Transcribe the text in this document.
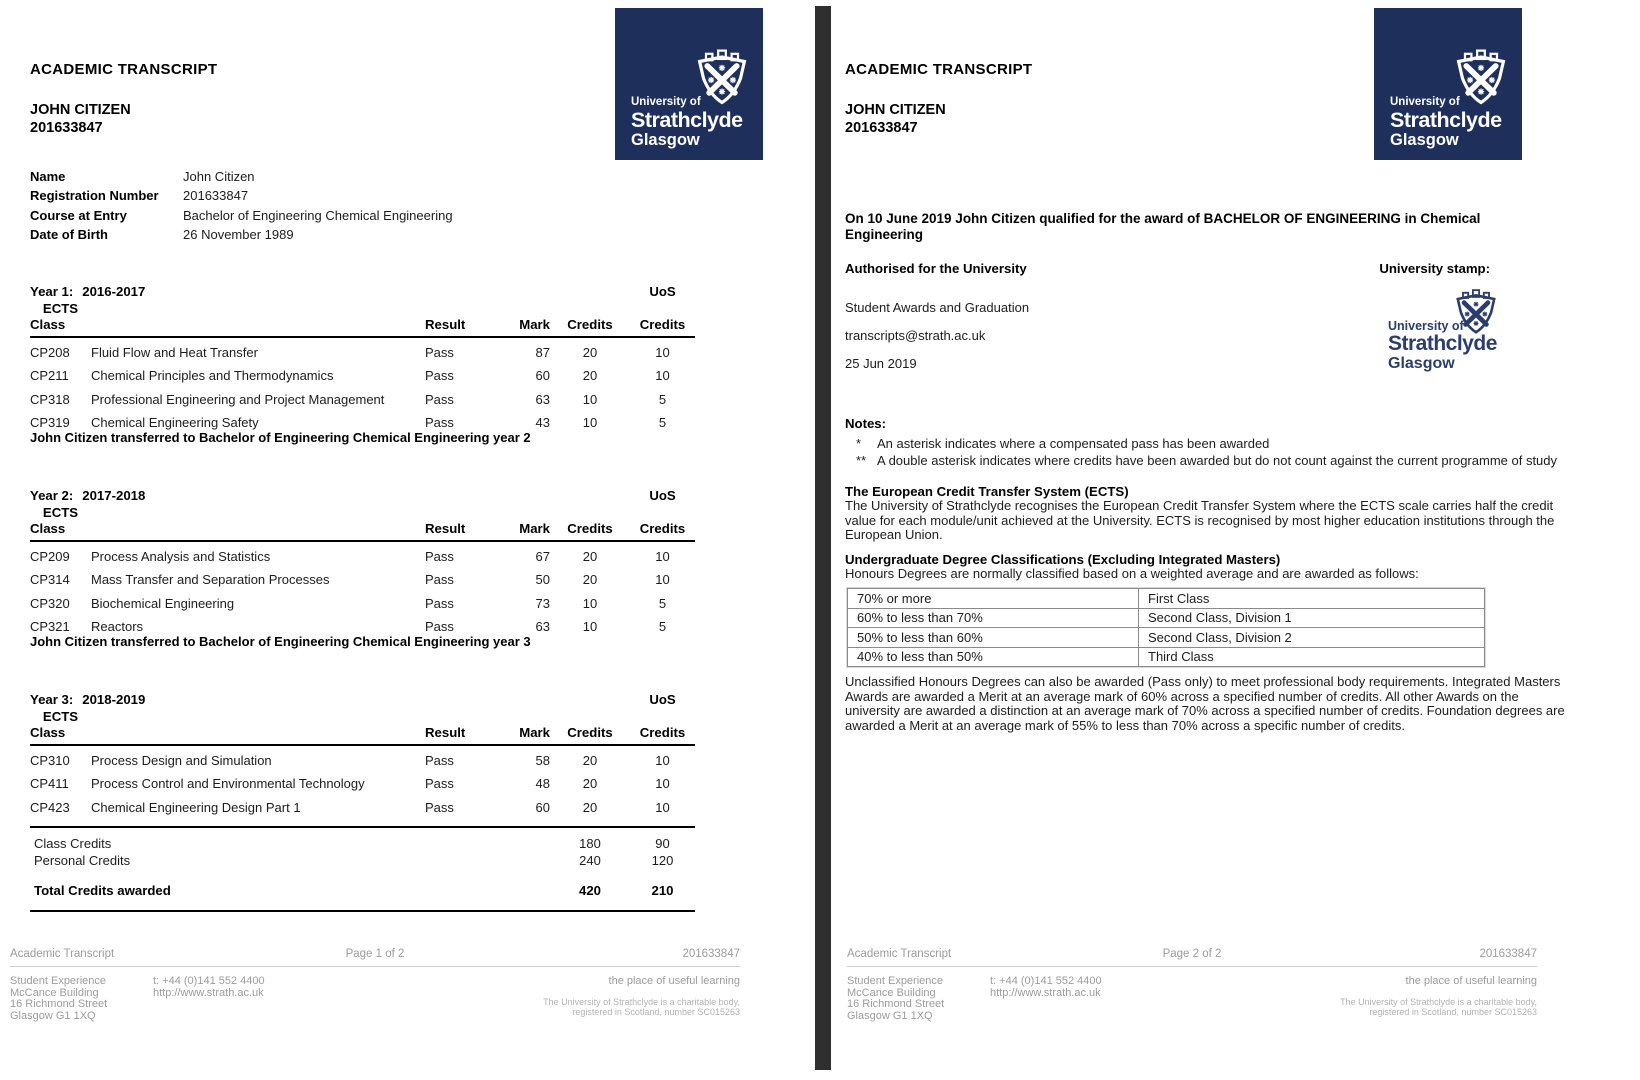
ACADEMIC TRANSCRIPT
JOHN CITIZEN
201633847
University of
Strathclyde
Glasgow
Name	John Citizen
Registration Number	201633847
Course at Entry	Bachelor of Engineering Chemical Engineering
Date of Birth	26 November 1989
Year 1: 2016-2017	UoS
ECTS
Class	Result	Mark	Credits	Credits
CP208	Fluid Flow and Heat Transfer	Pass	87	20	10
CP211	Chemical Principles and Thermodynamics	Pass	60	20	10
CP318	Professional Engineering and Project Management	Pass	63	10	5
CP319	Chemical Engineering Safety	Pass	43	10	5
John Citizen transferred to Bachelor of Engineering Chemical Engineering year 2
Year 2: 2017-2018	UoS
ECTS
Class	Result	Mark	Credits	Credits
CP209	Process Analysis and Statistics	Pass	67	20	10
CP314	Mass Transfer and Separation Processes	Pass	50	20	10
CP320	Biochemical Engineering	Pass	73	10	5
CP321	Reactors	Pass	63	10	5
John Citizen transferred to Bachelor of Engineering Chemical Engineering year 3
Year 3: 2018-2019	UoS
ECTS
Class	Result	Mark	Credits	Credits
CP310	Process Design and Simulation	Pass	58	20	10
CP411	Process Control and Environmental Technology	Pass	48	20	10
CP423	Chemical Engineering Design Part 1	Pass	60	20	10
Class Credits	180	90
Personal Credits	240	120
Total Credits awarded	420	210
Academic Transcript	Page 1 of 2	201633847
Student Experience
McCance Building
16 Richmond Street
Glasgow G1 1XQ
t: +44 (0)141 552 4400
http://www.strath.ac.uk
the place of useful learning
The University of Strathclyde is a charitable body,
registered in Scotland, number SC015263
ACADEMIC TRANSCRIPT
JOHN CITIZEN
201633847
University of
Strathclyde
Glasgow
On 10 June 2019 John Citizen qualified for the award of BACHELOR OF ENGINEERING in Chemical Engineering
Authorised for the University	University stamp:
Student Awards and Graduation
transcripts@strath.ac.uk
25 Jun 2019
University of
Strathclyde
Glasgow
Notes:
*	An asterisk indicates where a compensated pass has been awarded
** A double asterisk indicates where credits have been awarded but do not count against the current programme of study
The European Credit Transfer System (ECTS)
The University of Strathclyde recognises the European Credit Transfer System where the ECTS scale carries half the credit value for each module/unit achieved at the University. ECTS is recognised by most higher education institutions through the European Union.
Undergraduate Degree Classifications (Excluding Integrated Masters)
Honours Degrees are normally classified based on a weighted average and are awarded as follows:
70% or more	First Class
60% to less than 70%	Second Class, Division 1
50% to less than 60%	Second Class, Division 2
40% to less than 50%	Third Class
Unclassified Honours Degrees can also be awarded (Pass only) to meet professional body requirements. Integrated Masters Awards are awarded a Merit at an average mark of 60% across a specified number of credits. All other Awards on the university are awarded a distinction at an average mark of 70% across a specified number of credits. Foundation degrees are awarded a Merit at an average mark of 55% to less than 70% across a specific number of credits.
Academic Transcript	Page 2 of 2	201633847
Student Experience
McCance Building
16 Richmond Street
Glasgow G1 1XQ
t: +44 (0)141 552 4400
http://www.strath.ac.uk
the place of useful learning
The University of Strathclyde is a charitable body,
registered in Scotland, number SC015263
